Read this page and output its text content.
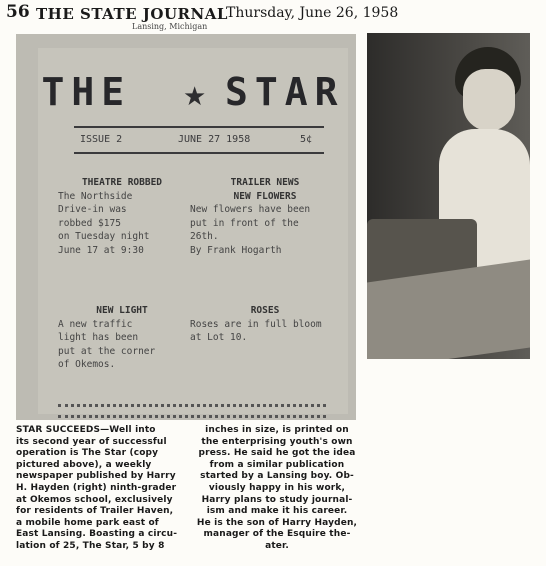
56 THE STATE JOURNAL
Thursday, June 26, 1958
Lansing, Michigan
THE STAR
★
ISSUE 2	JUNE 27 1958	5¢
THEATRE ROBBED
The Northside
Drive-in was
robbed $175
on Tuesday night
June 17 at 9:30
TRAILER NEWS
NEW FLOWERS
New flowers have been
put in front of the
26th.
By Frank Hogarth
NEW LIGHT
A new traffic
light has been
put at the corner
of Okemos.
ROSES
Roses are in full bloom
at Lot 10.
STAR SUCCEEDS—Well into
its second year of successful
operation is The Star (copy
pictured above), a weekly
newspaper published by Harry
H. Hayden (right) ninth-grader
at Okemos school, exclusively
for residents of Trailer Haven,
a mobile home park east of
East Lansing. Boasting a circu-
lation of 25, The Star, 5 by 8
inches in size, is printed on
the enterprising youth's own
press. He said he got the idea
from a similar publication
started by a Lansing boy. Ob-
viously happy in his work,
Harry plans to study journal-
ism and make it his career.
He is the son of Harry Hayden,
manager of the Esquire the-
ater.
